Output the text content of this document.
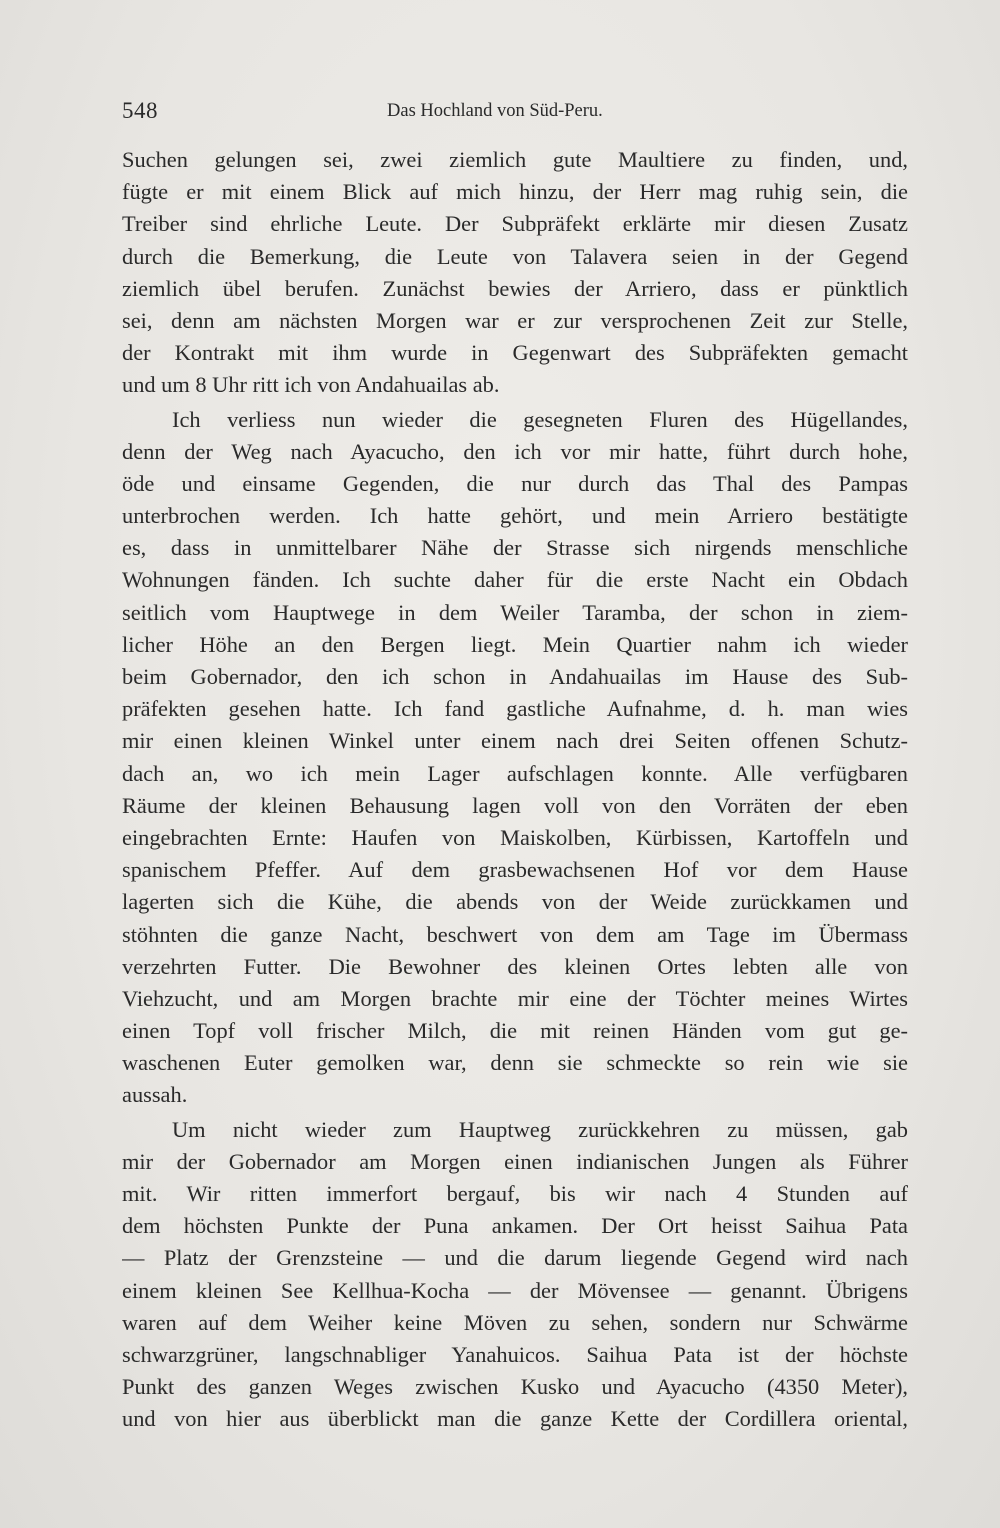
548	Das Hochland von Süd-Peru.
Suchen gelungen sei, zwei ziemlich gute Maultiere zu finden, und,
fügte er mit einem Blick auf mich hinzu, der Herr mag ruhig sein, die
Treiber sind ehrliche Leute. Der Subpräfekt erklärte mir diesen Zusatz
durch die Bemerkung, die Leute von Talavera seien in der Gegend
ziemlich übel berufen. Zunächst bewies der Arriero, dass er pünktlich
sei, denn am nächsten Morgen war er zur versprochenen Zeit zur Stelle,
der Kontrakt mit ihm wurde in Gegenwart des Subpräfekten gemacht
und um 8 Uhr ritt ich von Andahuailas ab.
Ich verliess nun wieder die gesegneten Fluren des Hügellandes,
denn der Weg nach Ayacucho, den ich vor mir hatte, führt durch hohe,
öde und einsame Gegenden, die nur durch das Thal des Pampas
unterbrochen werden. Ich hatte gehört, und mein Arriero bestätigte
es, dass in unmittelbarer Nähe der Strasse sich nirgends menschliche
Wohnungen fänden. Ich suchte daher für die erste Nacht ein Obdach
seitlich vom Hauptwege in dem Weiler Taramba, der schon in ziem-
licher Höhe an den Bergen liegt. Mein Quartier nahm ich wieder
beim Gobernador, den ich schon in Andahuailas im Hause des Sub-
präfekten gesehen hatte. Ich fand gastliche Aufnahme, d. h. man wies
mir einen kleinen Winkel unter einem nach drei Seiten offenen Schutz-
dach an, wo ich mein Lager aufschlagen konnte. Alle verfügbaren
Räume der kleinen Behausung lagen voll von den Vorräten der eben
eingebrachten Ernte: Haufen von Maiskolben, Kürbissen, Kartoffeln und
spanischem Pfeffer. Auf dem grasbewachsenen Hof vor dem Hause
lagerten sich die Kühe, die abends von der Weide zurückkamen und
stöhnten die ganze Nacht, beschwert von dem am Tage im Übermass
verzehrten Futter. Die Bewohner des kleinen Ortes lebten alle von
Viehzucht, und am Morgen brachte mir eine der Töchter meines Wirtes
einen Topf voll frischer Milch, die mit reinen Händen vom gut ge-
waschenen Euter gemolken war, denn sie schmeckte so rein wie sie
aussah.
Um nicht wieder zum Hauptweg zurückkehren zu müssen, gab
mir der Gobernador am Morgen einen indianischen Jungen als Führer
mit. Wir ritten immerfort bergauf, bis wir nach 4 Stunden auf
dem höchsten Punkte der Puna ankamen. Der Ort heisst Saihua Pata
— Platz der Grenzsteine — und die darum liegende Gegend wird nach
einem kleinen See Kellhua-Kocha — der Mövensee — genannt. Übrigens
waren auf dem Weiher keine Möven zu sehen, sondern nur Schwärme
schwarzgrüner, langschnabliger Yanahuicos. Saihua Pata ist der höchste
Punkt des ganzen Weges zwischen Kusko und Ayacucho (4350 Meter),
und von hier aus überblickt man die ganze Kette der Cordillera oriental,
